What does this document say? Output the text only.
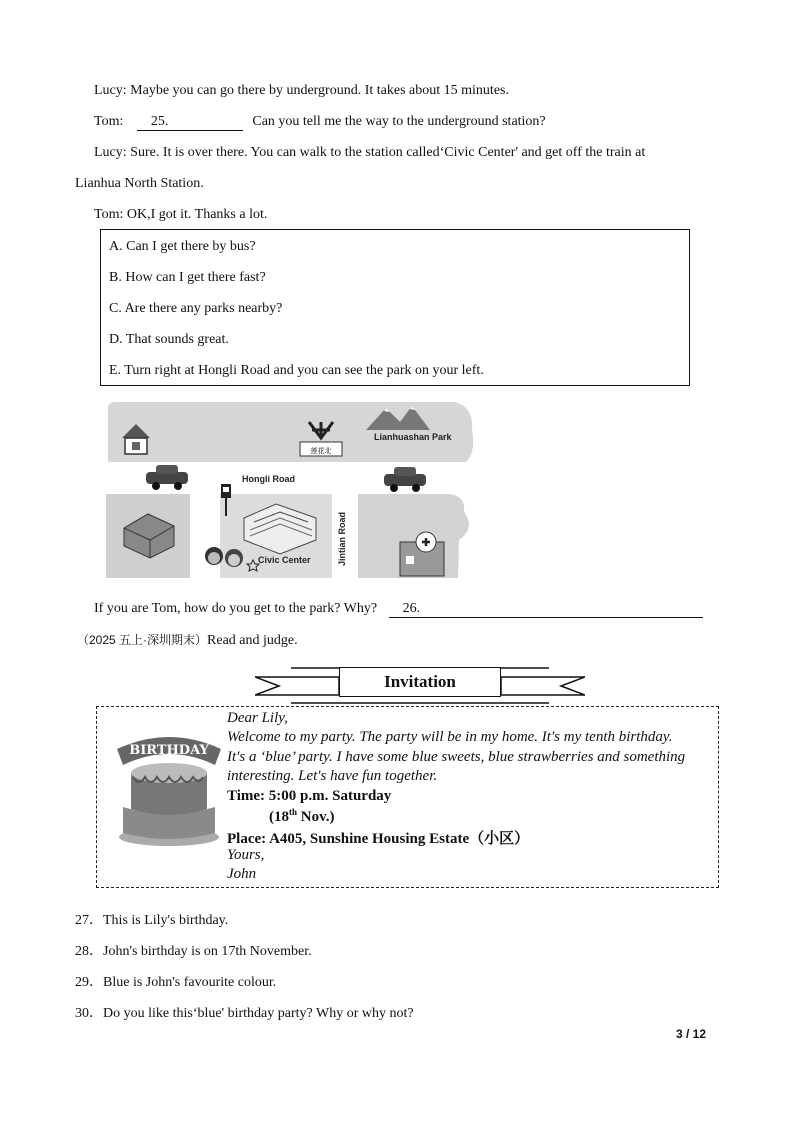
Lucy: Maybe you can go there by underground. It takes about 15 minutes.
Tom: 25.	Can you tell me the way to the underground station?
Lucy: Sure. It is over there. You can walk to the station called‘Civic Center' and get off the train at
Lianhua North Station.
Tom: OK,I got it. Thanks a lot.
A. Can I get there by bus?
B. How can I get there fast?
C. Are there any parks nearby?
D. That sounds great.
E. Turn right at Hongli Road and you can see the park on your left.
莲花北
Lianhuashan Park
Hongli Road
Jintian Road
Civic Center
If you are Tom, how do you get to the park? Why? 26.
（2025 五上·深圳期末）Read and judge.
Invitation
BIRTHDAY
Dear Lily,
Welcome to my party. The party will be in my home. It's my tenth birthday.
It's a ‘blue’ party. I have some blue sweets, blue strawberries and something
interesting. Let's have fun together.
Time: 5:00 p.m. Saturday
(18th Nov.)
Place: A405, Sunshine Housing Estate（小区）
Yours,
John
27．This is Lily's birthday.
28．John's birthday is on 17th November.
29．Blue is John's favourite colour.
30．Do you like this‘blue' birthday party? Why or why not?
3 / 12
